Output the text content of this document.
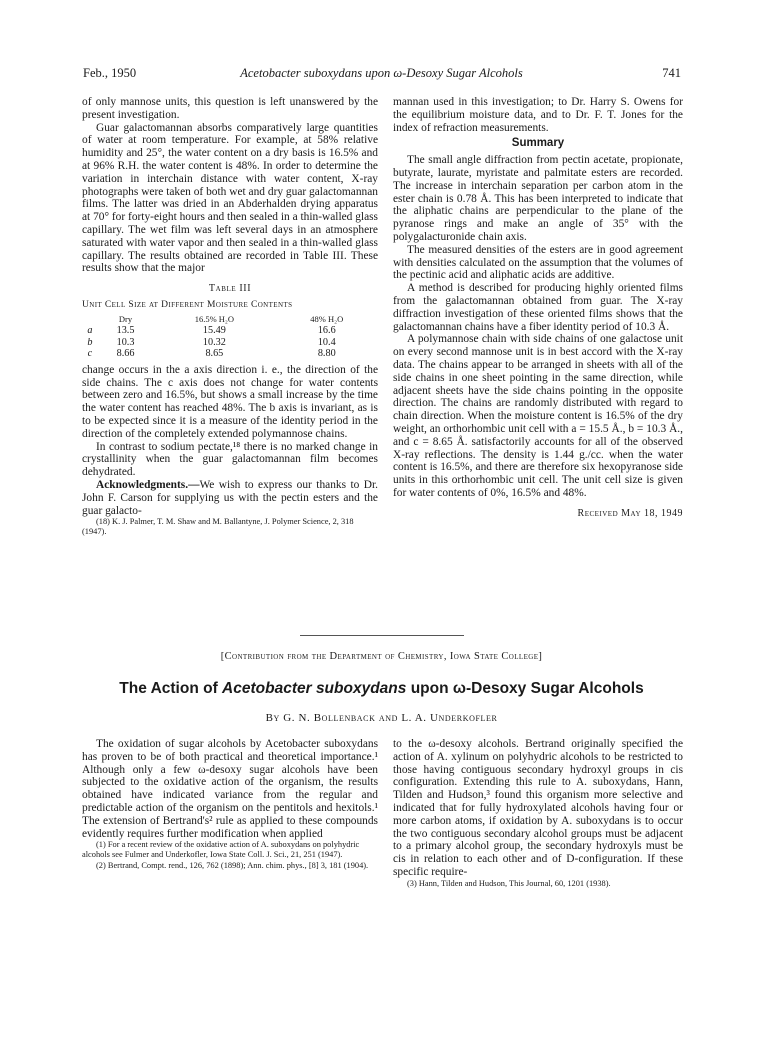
Feb., 1950	Acetobacter suboxydans upon ω-Desoxy Sugar Alcohols	741

of only mannose units, this question is left unanswered by the present investigation.

Guar galactomannan absorbs comparatively large quantities of water at room temperature. For example, at 58% relative humidity and 25°, the water content on a dry basis is 16.5% and at 96% R.H. the water content is 48%. In order to determine the variation in interchain distance with water content, X-ray photographs were taken of both wet and dry guar galactomannan films. The latter was dried in an Abderhalden drying apparatus at 70° for forty-eight hours and then sealed in a thin-walled glass capillary. The wet film was left several days in an atmosphere saturated with water vapor and then sealed in a thin-walled glass capillary. The results obtained are recorded in Table III. These results show that the major

Table III
Unit Cell Size at Different Moisture Contents			
	Dry	16.5% H₂O	48% H₂O
a	13.5	15.49	16.6
b	10.3	10.32	10.4
c	8.66	8.65	8.80

change occurs in the a axis direction i. e., the direction of the side chains. The c axis does not change for water contents between zero and 16.5%, but shows a small increase by the time the water content has reached 48%. The b axis is invariant, as is to be expected since it is a measure of the identity period in the direction of the completely extended polymannose chains.

In contrast to sodium pectate,¹⁸ there is no marked change in crystallinity when the guar galactomannan film becomes dehydrated.

Acknowledgments.—We wish to express our thanks to Dr. John F. Carson for supplying us with the pectin esters and the guar galacto-

(18) K. J. Palmer, T. M. Shaw and M. Ballantyne, J. Polymer Science, 2, 318 (1947).

mannan used in this investigation; to Dr. Harry S. Owens for the equilibrium moisture data, and to Dr. F. T. Jones for the index of refraction measurements.

Summary

The small angle diffraction from pectin acetate, propionate, butyrate, laurate, myristate and palmitate esters are recorded. The increase in interchain separation per carbon atom in the ester chain is 0.78 Å. This has been interpreted to indicate that the aliphatic chains are perpendicular to the plane of the pyranose rings and make an angle of 35° with the polygalacturonide chain axis.

The measured densities of the esters are in good agreement with densities calculated on the assumption that the volumes of the pectinic acid and aliphatic acids are additive.

A method is described for producing highly oriented films from the galactomannan obtained from guar. The X-ray diffraction investigation of these oriented films shows that the galactomannan chains have a fiber identity period of 10.3 Å.

A polymannose chain with side chains of one galactose unit on every second mannose unit is in best accord with the X-ray data. The chains appear to be arranged in sheets with all of the side chains in one sheet pointing in the same direction, while adjacent sheets have the side chains pointing in the opposite direction. The chains are randomly distributed with regard to chain direction. When the moisture content is 16.5% of the dry weight, an orthorhombic unit cell with a = 15.5 Å., b = 10.3 Å., and c = 8.65 Å. satisfactorily accounts for all of the observed X-ray reflections. The density is 1.44 g./cc. when the water content is 16.5%, and there are therefore six hexopyranose side units in this orthorhombic unit cell. The unit cell size is given for water contents of 0%, 16.5% and 48%.

Received May 18, 1949
[Contribution from the Department of Chemistry, Iowa State College]
The Action of Acetobacter suboxydans upon ω-Desoxy Sugar Alcohols
By G. N. Bollenback and L. A. Underkofler

The oxidation of sugar alcohols by Acetobacter suboxydans has proven to be of both practical and theoretical importance.¹ Although only a few ω-desoxy sugar alcohols have been subjected to the oxidative action of the organism, the results obtained have indicated variance from the regular and predictable action of the organism on the pentitols and hexitols.¹ The extension of Bertrand's² rule as applied to these compounds evidently requires further modification when applied

(1) For a recent review of the oxidative action of A. suboxydans on polyhydric alcohols see Fulmer and Underkofler, Iowa State Coll. J. Sci., 21, 251 (1947).

(2) Bertrand, Compt. rend., 126, 762 (1898); Ann. chim. phys., [8] 3, 181 (1904).

to the ω-desoxy alcohols. Bertrand originally specified the action of A. xylinum on polyhydric alcohols to be restricted to those having contiguous secondary hydroxyl groups in cis configuration. Extending this rule to A. suboxydans, Hann, Tilden and Hudson,³ found this organism more selective and indicated that for fully hydroxylated alcohols having four or more carbon atoms, if oxidation by A. suboxydans is to occur the two contiguous secondary alcohol groups must be adjacent to a primary alcohol group, the secondary hydroxyls must be cis in relation to each other and of D-configuration. If these specific require-

(3) Hann, Tilden and Hudson, This Journal, 60, 1201 (1938).
